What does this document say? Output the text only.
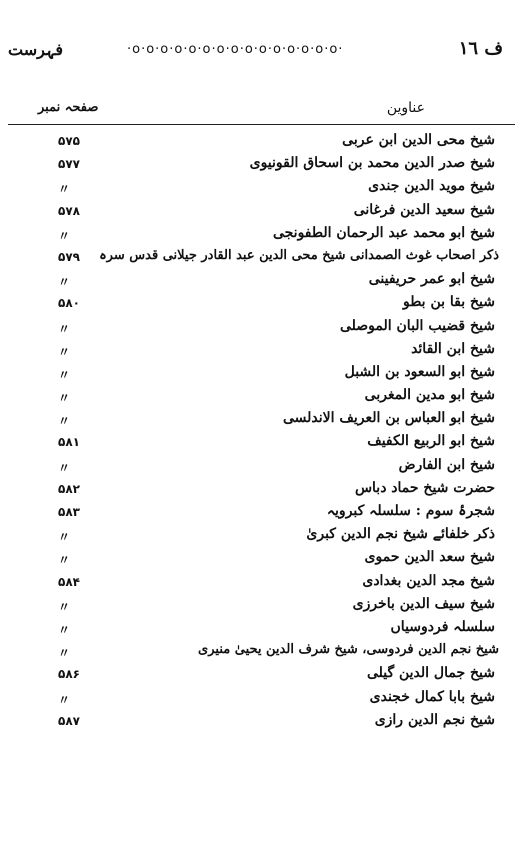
ف ١٦
·o·o·o·o·o·o·o·o·o·o·o·o·o·o·o·
فہرست
عناوین
صفحہ نمبر
شیخ محی الدین ابن عربی
۵۷۵
شیخ صدر الدین محمد بن اسحاق القونیوی
۵۷۷
شیخ موید الدین جندی
〃
شیخ سعید الدین فرغانی
۵۷۸
شیخ ابو محمد عبد الرحمان الطفونجی
〃
ذکر اصحاب غوث الصمدانی شیخ محی الدین عبد القادر جیلانی قدس سرہ
۵۷۹
شیخ ابو عمر حریفینی
〃
شیخ بقا بن بطو
۵۸۰
شیخ قضیب البان الموصلی
〃
شیخ ابن القائد
〃
شیخ ابو السعود بن الشبل
〃
شیخ ابو مدین المغربی
〃
شیخ ابو العباس بن العریف الاندلسی
〃
شیخ ابو الربیع الکفیف
۵۸۱
شیخ ابن الفارض
〃
حضرت شیخ حماد دباس
۵۸۲
شجرۂ سوم : سلسلہ کبرویہ
۵۸۳
ذکر خلفائے شیخ نجم الدین کبریٰ
〃
شیخ سعد الدین حموی
〃
شیخ مجد الدین بغدادی
۵۸۴
شیخ سیف الدین باخرزی
〃
سلسلہ فردوسیاں
〃
شیخ نجم الدین فردوسی، شیخ شرف الدین یحییٰ منیری
〃
شیخ جمال الدین گیلی
۵۸۶
شیخ بابا کمال خجندی
〃
شیخ نجم الدین رازی
۵۸۷
